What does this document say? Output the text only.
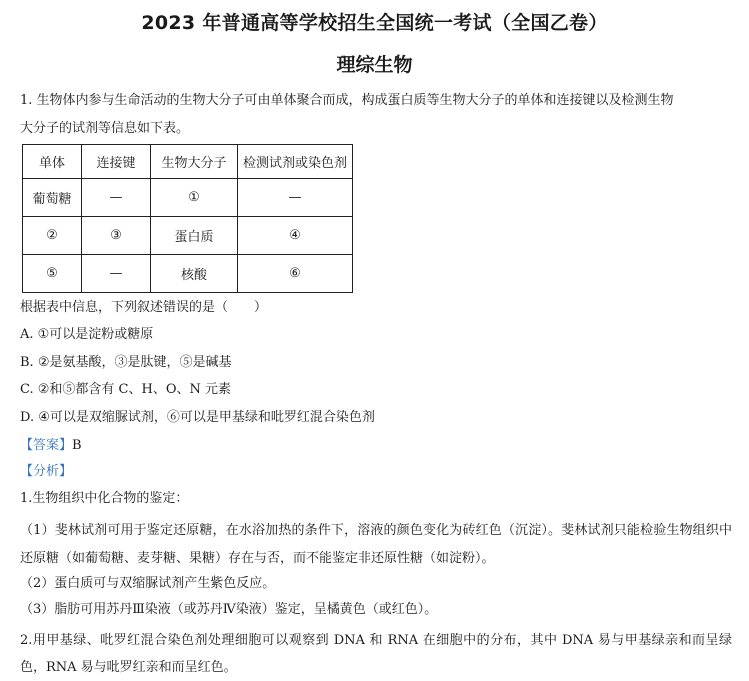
2023 年普通高等学校招生全国统一考试（全国乙卷）
理综生物
1. 生物体内参与生命活动的生物大分子可由单体聚合而成，构成蛋白质等生物大分子的单体和连接键以及检测生物
大分子的试剂等信息如下表。
单体	连接键	生物大分子	检测试剂或染色剂
葡萄糖	—	①	—
②	③	蛋白质	④
⑤	—	核酸	⑥
根据表中信息，下列叙述错误的是（　　）
A. ①可以是淀粉或糖原
B. ②是氨基酸，③是肽键，⑤是碱基
C. ②和⑤都含有 C、H、O、N 元素
D. ④可以是双缩脲试剂，⑥可以是甲基绿和吡罗红混合染色剂
【答案】B
【分析】
1.生物组织中化合物的鉴定：
（1）斐林试剂可用于鉴定还原糖，在水浴加热的条件下，溶液的颜色变化为砖红色（沉淀）。斐林试剂只能检验生物组织中还原糖（如葡萄糖、麦芽糖、果糖）存在与否，而不能鉴定非还原性糖（如淀粉）。
（2）蛋白质可与双缩脲试剂产生紫色反应。
（3）脂肪可用苏丹Ⅲ染液（或苏丹Ⅳ染液）鉴定，呈橘黄色（或红色）。
2.用甲基绿、吡罗红混合染色剂处理细胞可以观察到 DNA 和 RNA 在细胞中的分布，其中 DNA 易与甲基绿亲和而呈绿色，RNA 易与吡罗红亲和而呈红色。
